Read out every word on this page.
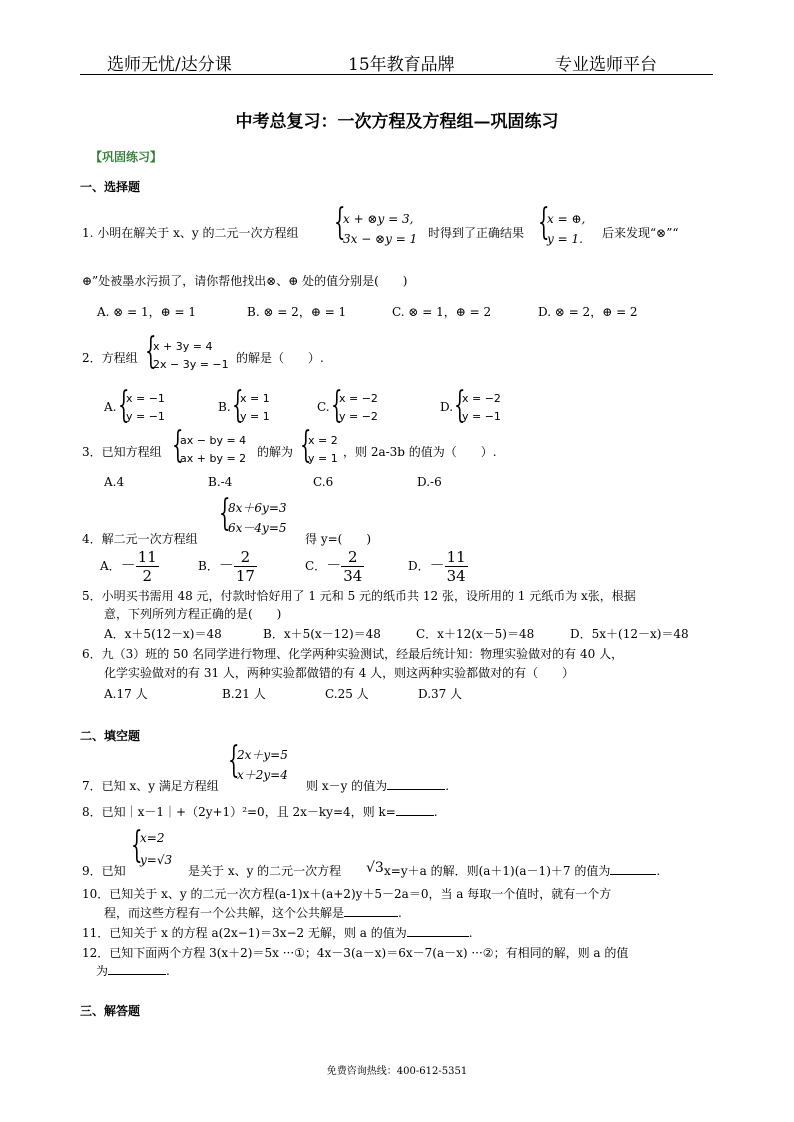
选师无忧/达分课	15年教育品牌	专业选师平台
中考总复习：一次方程及方程组—巩固练习
【巩固练习】
一、选择题
1. 小明在解关于 x、y 的二元一次方程组 {
x + ⊗y = 3,
3x − ⊗y = 1 时得到了正确结果 {
x = ⊕,
y = 1. 后来发现“⊗”“
⊕”处被墨水污损了，请你帮他找出⊗、⊕ 处的值分别是(　　)
A. ⊗ = 1，⊕ = 1	B. ⊗ = 2，⊕ = 1	C. ⊗ = 1，⊕ = 2	D. ⊗ = 2，⊕ = 2
2．方程组 {
x + 3y = 4
2x − 3y = −1 的解是（　　）.
A. {
x = −1
y = −1
B. {
x = 1
y = 1
C. {
x = −2
y = −2
D. {
x = −2
y = −1
3．已知方程组 {
ax − by = 4
ax + by = 2 的解为 {
x = 2
y = 1 ，则 2a-3b 的值为（　　）.
A.4	B.-4	C.6	D.-6
4．解二元一次方程组
{
8x＋6y=3
6x－4y=5
得 y=(　　)
A．－ $\frac{11}{2}$	B．－ $\frac{2}{17}$	C．－ $\frac{2}{34}$	D．－ $\frac{11}{34}$
5．小明买书需用 48 元，付款时恰好用了 1 元和 5 元的纸币共 12 张，设所用的 1 元纸币为 x张，根据
意，下列所列方程正确的是(　　)
A．x＋5(12－x)＝48	B．x＋5(x－12)＝48	C．x＋12(x－5)＝48	D．5x＋(12－x)＝48
6．九（3）班的 50 名同学进行物理、化学两种实验测试，经最后统计知：物理实验做对的有 40 人，
化学实验做对的有 31 人，两种实验都做错的有 4 人，则这两种实验都做对的有（　　）
A.17 人	B.21 人	C.25 人	D.37 人
二、填空题
7．已知 x、y 满足方程组
{
2x＋y=5
x＋2y=4
则 x－y 的值为	.
8．已知｜x－1｜+（2y+1）²=0，且 2x－ky=4，则 k=	.
9．已知
{
x=2
y=√3
是关于 x、y 的二元一次方程 √3 x=y＋a 的解．则(a＋1)(a－1)＋7 的值为	.
10．已知关于 x、y 的二元一次方程(a-1)x＋(a+2)y＋5－2a＝0，当 a 每取一个值时，就有一个方
程，而这些方程有一个公共解，这个公共解是	.
11．已知关于 x 的方程 a(2x−1)＝3x−2 无解，则 a 的值为	.
12．已知下面两个方程 3(x＋2)＝5x ···①；4x－3(a－x)＝6x－7(a－x) ···②；有相同的解，则 a 的值
为	.
三、解答题
免费咨询热线：400-612-5351
